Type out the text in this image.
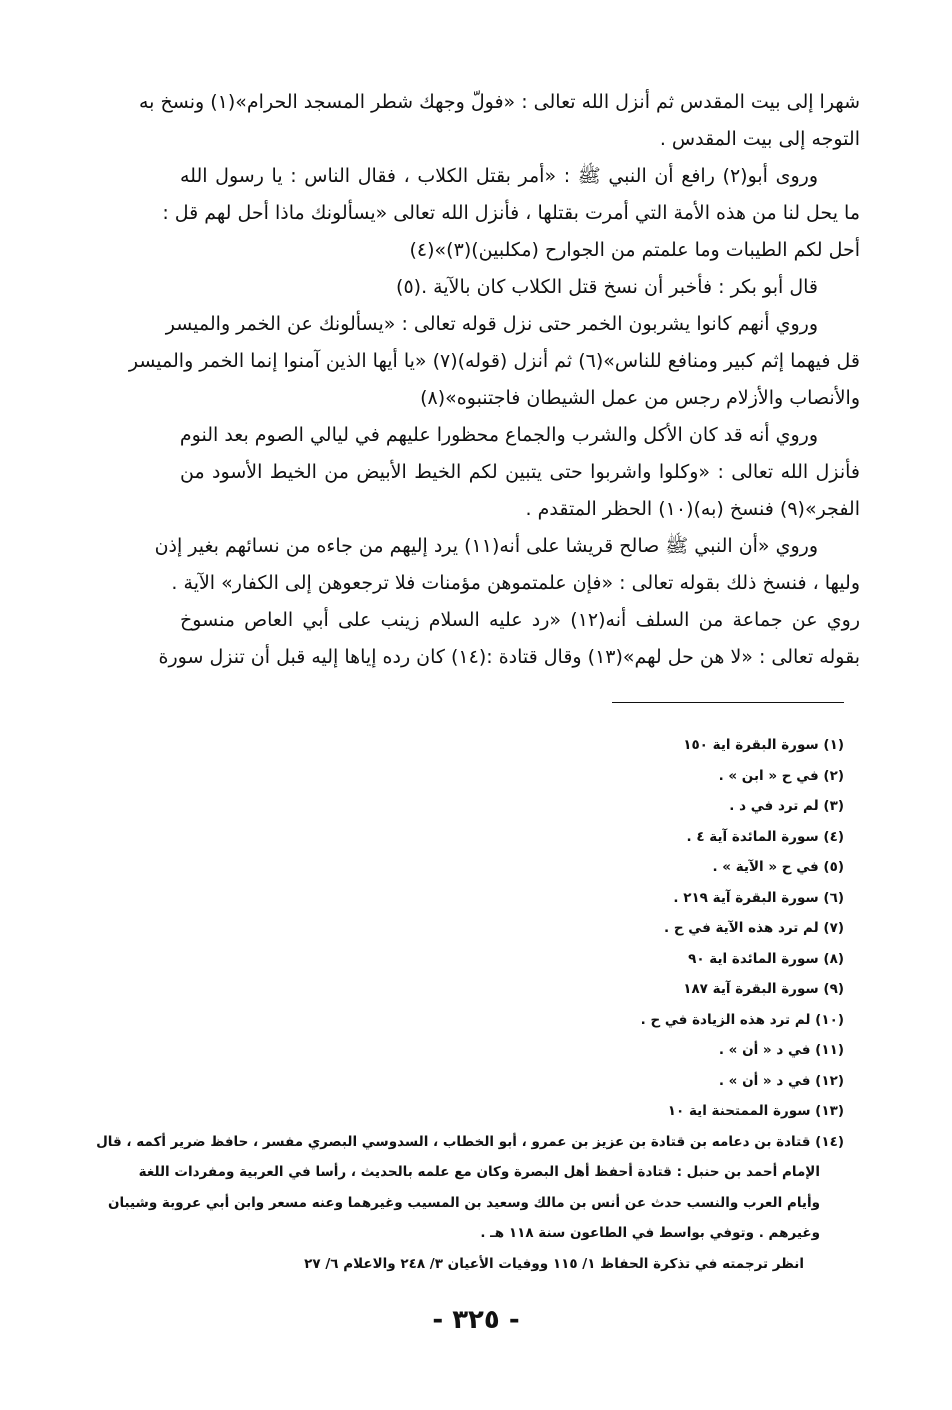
شهرا إلى بيت المقدس ثم أنزل الله تعالى : «فولّ وجهك شطر المسجد الحرام»(١) ونسخ به
التوجه إلى بيت المقدس .
وروى أبو(٢) رافع أن النبي ﷺ : «أمر بقتل الكلاب ، فقال الناس : يا رسول الله
ما يحل لنا من هذه الأمة التي أمرت بقتلها ، فأنزل الله تعالى «يسألونك ماذا أحل لهم قل :
أحل لكم الطيبات وما علمتم من الجوارح (مكلبين)(٣)»(٤)
قال أبو بكر : فأخبر أن نسخ قتل الكلاب كان بالآية .(٥)
وروي أنهم كانوا يشربون الخمر حتى نزل قوله تعالى : «يسألونك عن الخمر والميسر
قل فيهما إثم كبير ومنافع للناس»(٦) ثم أنزل (قوله)(٧) «يا أيها الذين آمنوا إنما الخمر والميسر
والأنصاب والأزلام رجس من عمل الشيطان فاجتنبوه»(٨)
وروي أنه قد كان الأكل والشرب والجماع محظورا عليهم في ليالي الصوم بعد النوم
فأنزل الله تعالى : «وكلوا واشربوا حتى يتبين لكم الخيط الأبيض من الخيط الأسود من
الفجر»(٩) فنسخ (به)(١٠) الحظر المتقدم .
وروي «أن النبي ﷺ صالح قريشا على أنه(١١) يرد إليهم من جاءه من نسائهم بغير إذن
وليها ، فنسخ ذلك بقوله تعالى : «فإن علمتموهن مؤمنات فلا ترجعوهن إلى الكفار» الآية .
روي عن جماعة من السلف أنه(١٢) «رد عليه السلام زينب على أبي العاص منسوخ
بقوله تعالى : «لا هن حل لهم»(١٣) وقال قتادة :(١٤) كان رده إياها إليه قبل أن تنزل سورة
(١) سورة البقرة اية ١٥٠
(٢) في ح « ابن » .
(٣) لم ترد في د .
(٤) سورة المائدة آية ٤ .
(٥) في ح « الآية » .
(٦) سورة البقرة آية ٢١٩ .
(٧) لم ترد هذه الآية في ح .
(٨) سورة المائدة اية ٩٠
(٩) سورة البقرة آية ١٨٧
(١٠) لم ترد هذه الزيادة في ح .
(١١) في د « أن » .
(١٢) في د « أن » .
(١٣) سورة الممتحنة اية ١٠
(١٤) قتادة بن دعامه بن قتادة بن عزيز بن عمرو ، أبو الخطاب ، السدوسي البصري مفسر ، حافظ ضرير أكمه ، قال
الإمام أحمد بن حنبل : قتادة أحفظ أهل البصرة وكان مع علمه بالحديث ، رأسا في العربية ومفردات اللغة
وأيام العرب والنسب حدث عن أنس بن مالك وسعيد بن المسيب وغيرهما وعنه مسعر وابن أبي عروبة وشيبان
وغيرهم . وتوفي بواسط في الطاعون سنة ١١٨ هـ .
انظر ترجمته في تذكرة الحفاظ ١/ ١١٥ ووفيات الأعيان ٣/ ٢٤٨ والاعلام ٦/ ٢٧
- ٣٢٥ -
